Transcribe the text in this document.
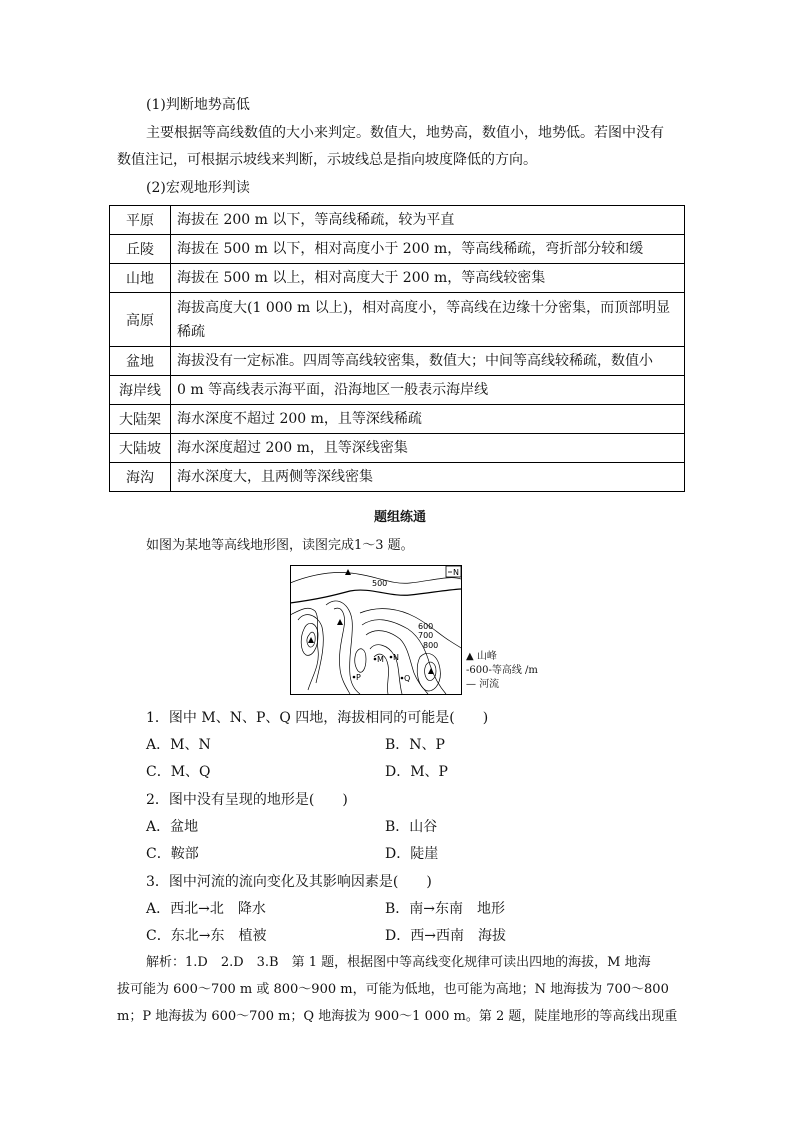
(1)判断地势高低
主要根据等高线数值的大小来判定。数值大，地势高，数值小，地势低。若图中没有
数值注记，可根据示坡线来判断，示坡线总是指向坡度降低的方向。
(2)宏观地形判读
平原	海拔在 200 m 以下，等高线稀疏，较为平直
丘陵	海拔在 500 m 以下，相对高度小于 200 m，等高线稀疏，弯折部分较和缓
山地	海拔在 500 m 以上，相对高度大于 200 m，等高线较密集
高原	海拔高度大(1 000 m 以上)，相对高度小，等高线在边缘十分密集，而顶部明显稀疏
盆地	海拔没有一定标准。四周等高线较密集，数值大；中间等高线较稀疏，数值小
海岸线	0 m 等高线表示海平面，沿海地区一般表示海岸线
大陆架	海水深度不超过 200 m，且等深线稀疏
大陆坡	海水深度超过 200 m，且等深线密集
海沟	海水深度大，且两侧等深线密集
题组练通
如图为某地等高线地形图，读图完成1～3 题。
N
500
600
700
800
M N
P	Q
▲ 山峰
-600-等高线 /m
— 河流
1．图中 M、N、P、Q 四地，海拔相同的可能是(　　)
A．M、N	B．N、P
C．M、Q	D．M、P
2．图中没有呈现的地形是(　　)
A．盆地	B．山谷
C．鞍部	D．陡崖
3．图中河流的流向变化及其影响因素是(　　)
A．西北→北　降水	B．南→东南　地形
C．东北→东　植被	D．西→西南　海拔
解析：1.D　2.D　3.B　第 1 题，根据图中等高线变化规律可读出四地的海拔，M 地海
拔可能为 600～700 m 或 800～900 m，可能为低地，也可能为高地；N 地海拔为 700～800
m；P 地海拔为 600～700 m；Q 地海拔为 900～1 000 m。第 2 题，陡崖地形的等高线出现重
